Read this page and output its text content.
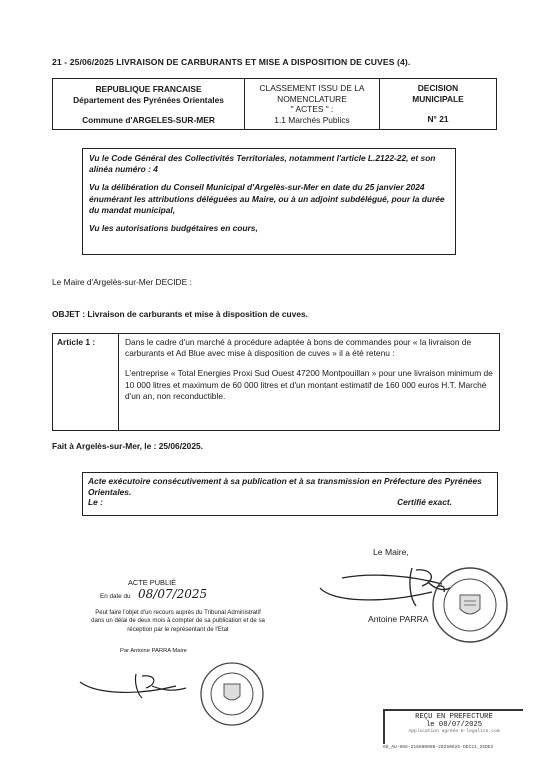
21 - 25/06/2025 LIVRAISON DE CARBURANTS ET MISE A DISPOSITION DE CUVES (4).
REPUBLIQUE FRANCAISE
Département des Pyrénées Orientales
Commune d'ARGELES-SUR-MER
CLASSEMENT ISSU DE LA
NOMENCLATURE
" ACTES " :
1.1 Marchés Publics
DECISION
MUNICIPALE
N° 21

Vu le Code Général des Collectivités Territoriales, notamment l'article L.2122-22, et son alinéa numéro : 4

Vu la délibération du Conseil Municipal d'Argelès-sur-Mer en date du 25 janvier 2024 énumérant les attributions déléguées au Maire, ou à un adjoint subdélégué, pour la durée du mandat municipal,

Vu les autorisations budgétaires en cours,

Le Maire d'Argelès-sur-Mer DECIDE :
OBJET : Livraison de carburants et mise à disposition de cuves.
Article 1 :	Dans le cadre d'un marché à procédure adaptée à bons de commandes pour « la livraison de carburants et Ad Blue avec mise à disposition de cuves » il a été retenu :

L'entreprise « Total Energies Proxi Sud Ouest 47200 Montpouillan » pour une livraison minimum de 10 000 litres et maximum de 60 000 litres et d'un montant estimatif de 160 000 euros H.T. Marché d'un an, non reconductible.

Fait à Argelès-sur-Mer, le : 25/06/2025.
Acte exécutoire consécutivement à sa publication et à sa transmission en Préfecture des Pyrénées Orientales.
Le :	Certifié exact.
Le Maire,
Antoine PARRA
ACTE PUBLIÉ
En date du 08/07/2025
Peut faire l'objet d'un recours auprès du Tribunal Administratif dans un délai de deux mois à compter de sa publication et de sa réception par le représentant de l'Etat
Par Antoine PARRA Maire
REÇU EN PREFECTURE
le 08/07/2025
Application agréée E-legalite.com
66_AU-066-216600080-20250625-DEC21_25DE2
